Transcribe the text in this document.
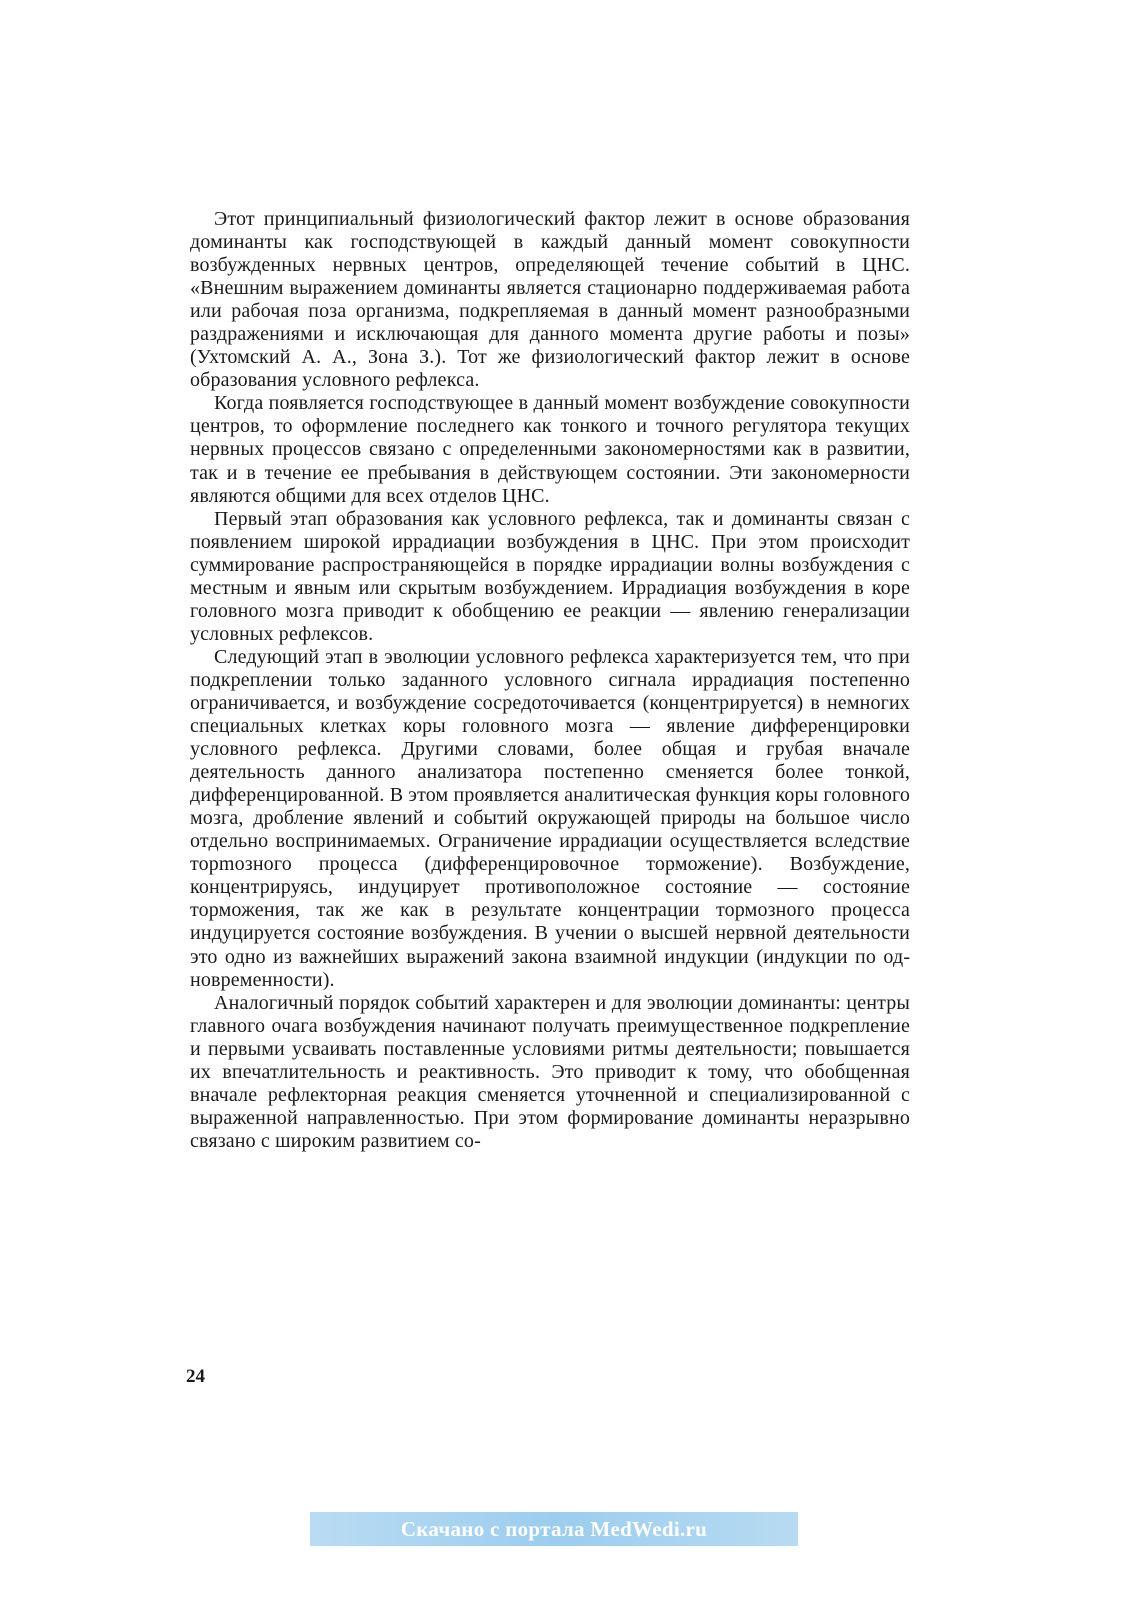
Этот принципиальный физиологический фактор лежит в основе образования доминанты как господствующей в каждый данный момент совокупности возбужденных нервных центров, определяющей течение событий в ЦНС. «Внешним выражением доминанты является стационарно поддерживаемая работа или рабочая поза организма, подкрепляемая в данный момент разнообразными раздражениями и исключающая для данного момента другие работы и позы» (Ухтомский А. А., Зона З.). Тот же физиологический фактор лежит в основе образования условного рефлекса.

Когда появляется господствующее в данный момент возбуждение совокупности центров, то оформление последнего как тонкого и точного регулятора текущих нервных процессов связано с определенными закономерностями как в развитии, так и в течение ее пребывания в действующем состоянии. Эти закономерности являются общими для всех отделов ЦНС.

Первый этап образования как условного рефлекса, так и доминанты связан с появлением широкой иррадиации возбуждения в ЦНС. При этом происходит суммирование распространяющейся в порядке иррадиации волны возбуждения с местным и явным или скрытым возбуждением. Иррадиация возбуждения в коре головного мозга приводит к обобщению ее реакции — явлению генерализации условных рефлексов.

Следующий этап в эволюции условного рефлекса характеризуется тем, что при подкреплении только заданного условного сигнала иррадиация постепенно ограничивается, и возбуждение сосредоточивается (концентрируется) в немногих специальных клетках коры головного мозга — явление дифференцировки условного рефлекса. Другими словами, более общая и грубая вначале деятельность данного анализатора постепенно сменяется более тонкой, дифференцированной. В этом проявляется аналитическая функция коры головного мозга, дробление явлений и событий окружающей природы на большое число отдельно воспринимаемых. Ограничение иррадиации осуществляется вследствие торmозного процесса (дифференцировочное торможение). Возбуждение, концентрируясь, индуцирует противоположное состояние — состояние торможения, так же как в результате концентрации тормозного процесса индуцируется состояние возбуждения. В учении о высшей нервной деятельности это одно из важнейших выражений закона взаимной индукции (индукции по одновременности).

Аналогичный порядок событий характерен и для эволюции доминанты: центры главного очага возбуждения начинают получать преимущественное подкрепление и первыми усваивать поставленные условиями ритмы деятельности; повышается их впечатлительность и реактивность. Это приводит к тому, что обобщенная вначале рефлекторная реакция сменяется уточненной и специализированной с выраженной направленностью. При этом формирование доминанты неразрывно связано с широким развитием со-

24
Скачано с портала MedWedi.ru
